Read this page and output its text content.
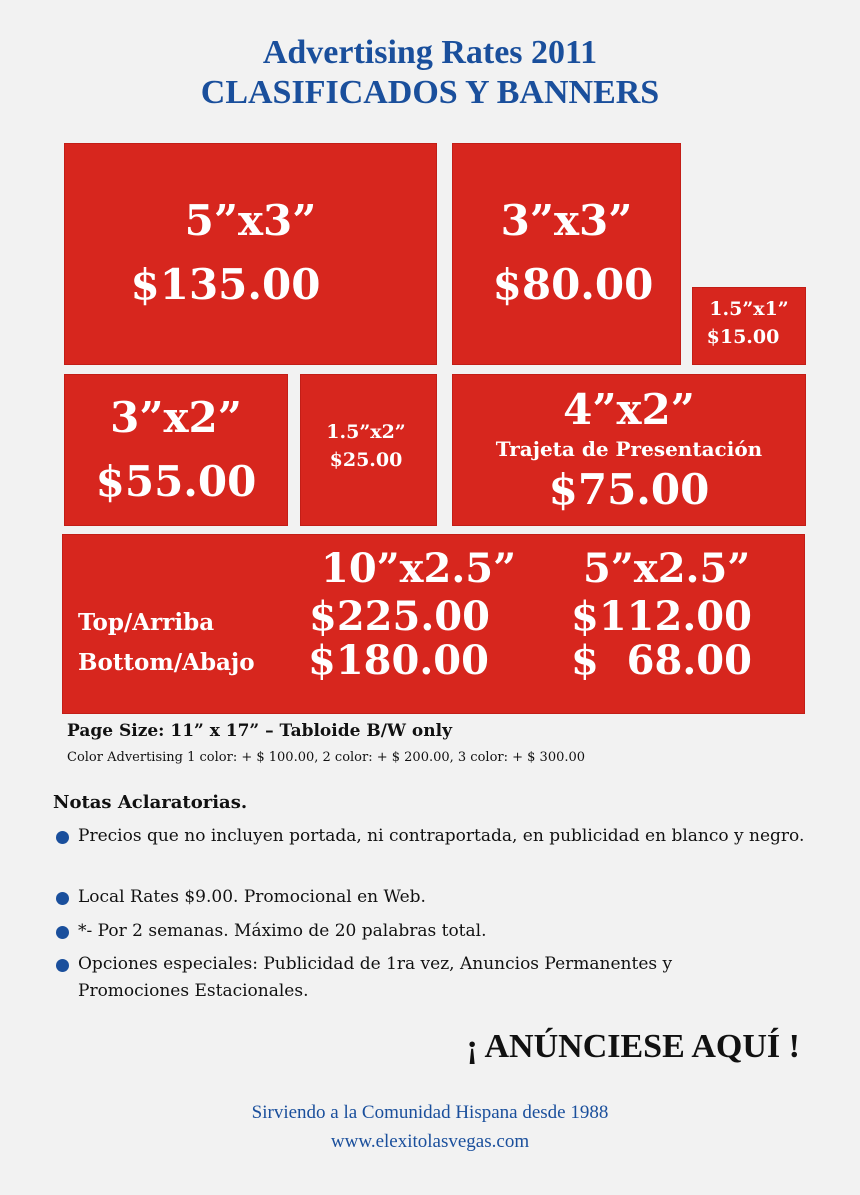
Advertising Rates 2011
CLASIFICADOS Y BANNERS
5”x3”
$135.00
3”x3”
$80.00	1.5”x1”
$15.00
3”x2”
$55.00
1.5”x2”
$25.00
4”x2”
Trajeta de Presentación
$75.00
10”x2.5” 5”x2.5”
Top/Arriba $225.00 $112.00
Bottom/Abajo $180.00 $  68.00
Page Size: 11” x 17” – Tabloide B/W only
Color Advertising 1 color: + $ 100.00, 2 color: + $ 200.00, 3 color: + $ 300.00
Notas Aclaratorias.
Precios que no incluyen portada, ni contraportada, en publicidad en blanco y negro.
Local Rates $9.00. Promocional en Web.
*- Por 2 semanas. Máximo de 20 palabras total.
Opciones especiales: Publicidad de 1ra vez, Anuncios Permanentes y Promociones Estacionales.
¡ ANÚNCIESE AQUÍ !
Sirviendo a la Comunidad Hispana desde 1988
www.elexitolasvegas.com
